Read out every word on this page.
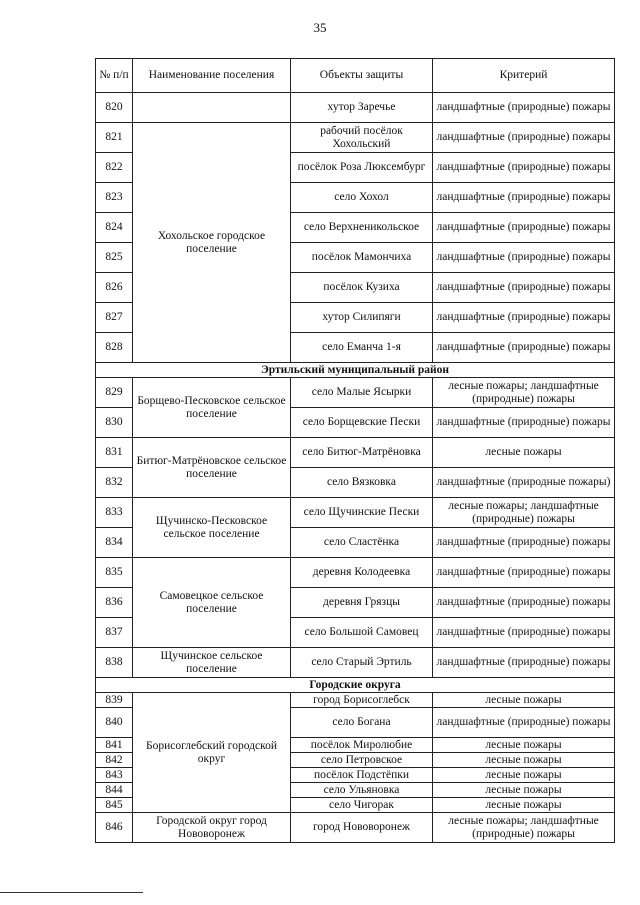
35
№ п/п	Наименование поселения	Объекты защиты	Критерий
820		хутор Заречье	ландшафтные (природные) пожары
821	Хохольское городское поселение	рабочий посёлок Хохольский	ландшафтные (природные) пожары
822		посёлок Роза Люксембург	ландшафтные (природные) пожары
823		село Хохол	ландшафтные (природные) пожары
824		село Верхненикольское	ландшафтные (природные) пожары
825		посёлок Мамончиха	ландшафтные (природные) пожары
826		посёлок Кузиха	ландшафтные (природные) пожары
827		хутор Силипяги	ландшафтные (природные) пожары
828		село Еманча 1-я	ландшафтные (природные) пожары
Эртильский муниципальный район			
829	Борщево-Песковское сельское поселение	село Малые Ясырки	лесные пожары; ландшафтные (природные) пожары
830		село Борщевские Пески	ландшафтные (природные) пожары
831	Битюг-Матрёновское сельское поселение	село Битюг-Матрёновка	лесные пожары
832		село Вязковка	ландшафтные (природные пожары)
833	Щучинско-Песковское сельское поселение	село Щучинские Пески	лесные пожары; ландшафтные (природные) пожары
834		село Сластёнка	ландшафтные (природные) пожары
835	Самовецкое сельское поселение	деревня Колодеевка	ландшафтные (природные) пожары
836		деревня Грязцы	ландшафтные (природные) пожары
837		село Большой Самовец	ландшафтные (природные) пожары
838	Щучинское сельское поселение	село Старый Эртиль	ландшафтные (природные) пожары
Городские округа			
839	Борисоглебский городской округ	город Борисоглебск	лесные пожары
840		село Богана	ландшафтные (природные) пожары
841		посёлок Миролюбие	лесные пожары
842		село Петровское	лесные пожары
843		посёлок Подстёпки	лесные пожары
844		село Ульяновка	лесные пожары
845		село Чигорак	лесные пожары
846	Городской округ город Нововоронеж	город Нововоронеж	лесные пожары; ландшафтные (природные) пожары
